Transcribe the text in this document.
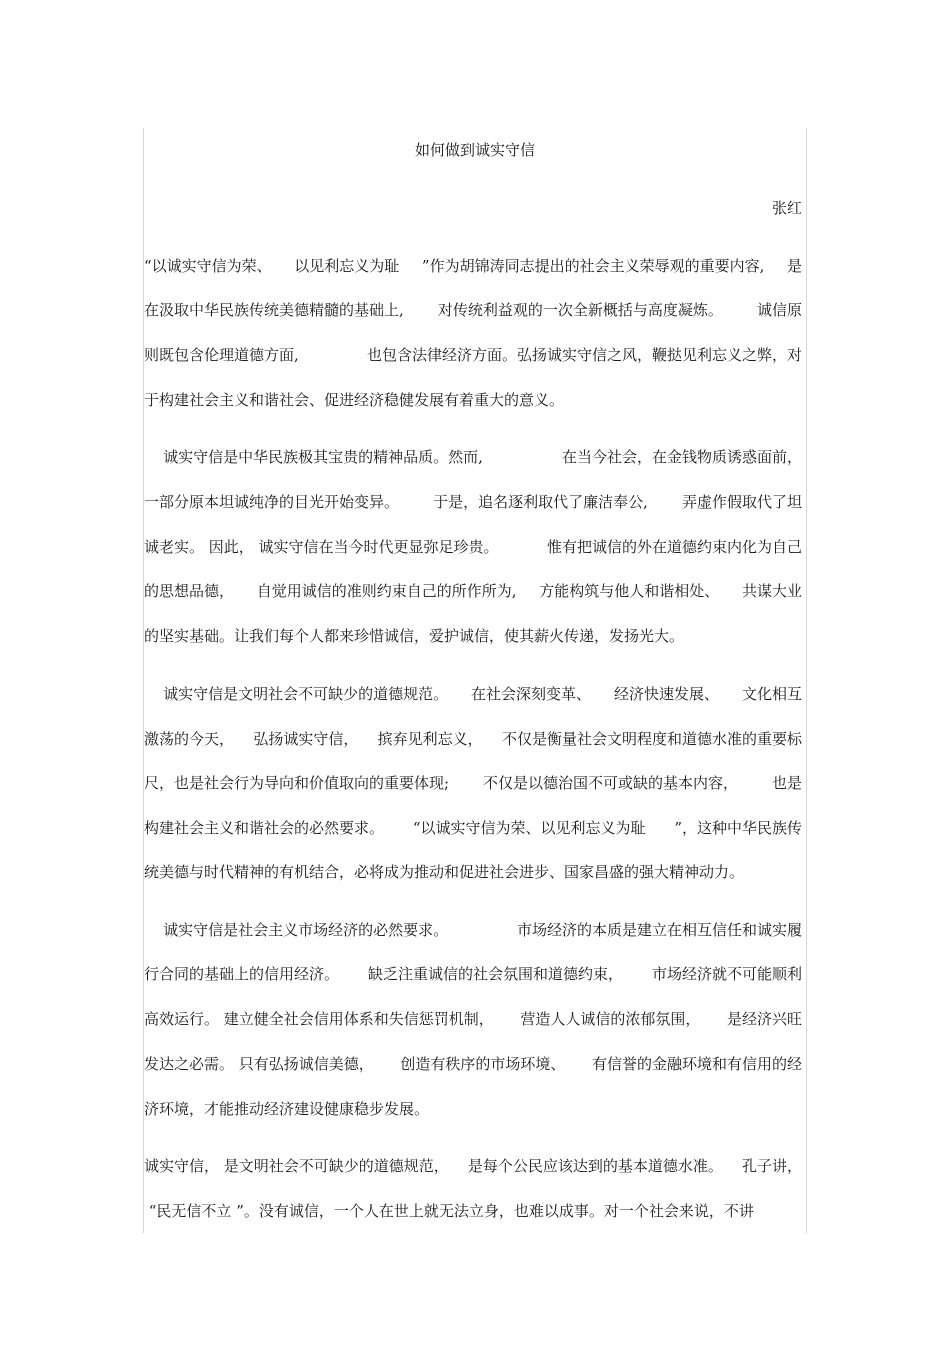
如何做到诚实守信
张红
“以诚实守信为荣、 以见利忘义为耻 ”作为胡锦涛同志提出的社会主义荣辱观的重要内容, 是
在汲取中华民族传统美德精髓的基础上, 对传统利益观的一次全新概括与高度凝炼。 诚信原
则既包含伦理道德方面,	也包含法律经济方面。弘扬诚实守信之风，鞭挞见利忘义之弊，对
于构建社会主义和谐社会、促进经济稳健发展有着重大的意义。
诚实守信是中华民族极其宝贵的精神品质。然而,	在当今社会，在金钱物质诱惑面前，
一部分原本坦诚纯净的目光开始变异。 于是，追名逐利取代了廉洁奉公, 弄虚作假取代了坦
诚老实。 因此， 诚实守信在当今时代更显弥足珍贵。	惟有把诚信的外在道德约束内化为自己
的思想品德， 自觉用诚信的准则约束自己的所作所为, 方能构筑与他人和谐相处、 共谋大业
的坚实基础。让我们每个人都来珍惜诚信，爱护诚信，使其薪火传递，发扬光大。
诚实守信是文明社会不可缺少的道德规范。 在社会深刻变革、 经济快速发展、 文化相互
激荡的今天， 弘扬诚实守信， 摈弃见利忘义， 不仅是衡量社会文明程度和道德水准的重要标
尺，也是社会行为导向和价值取向的重要体现; 不仅是以德治国不可或缺的基本内容， 也是
构建社会主义和谐社会的必然要求。 “以诚实守信为荣、以见利忘义为耻 ”，这种中华民族传
统美德与时代精神的有机结合，必将成为推动和促进社会进步、国家昌盛的强大精神动力。
诚实守信是社会主义市场经济的必然要求。	市场经济的本质是建立在相互信任和诚实履
行合同的基础上的信用经济。 缺乏注重诚信的社会氛围和道德约束， 市场经济就不可能顺利
高效运行。 建立健全社会信用体系和失信惩罚机制， 营造人人诚信的浓郁氛围， 是经济兴旺
发达之必需。 只有弘扬诚信美德， 创造有秩序的市场环境、 有信誉的金融环境和有信用的经
济环境，才能推动经济建设健康稳步发展。
诚实守信， 是文明社会不可缺少的道德规范， 是每个公民应该达到的基本道德水准。 孔子讲，
“民无信不立 ”。没有诚信，一个人在世上就无法立身，也难以成事。对一个社会来说，不讲
